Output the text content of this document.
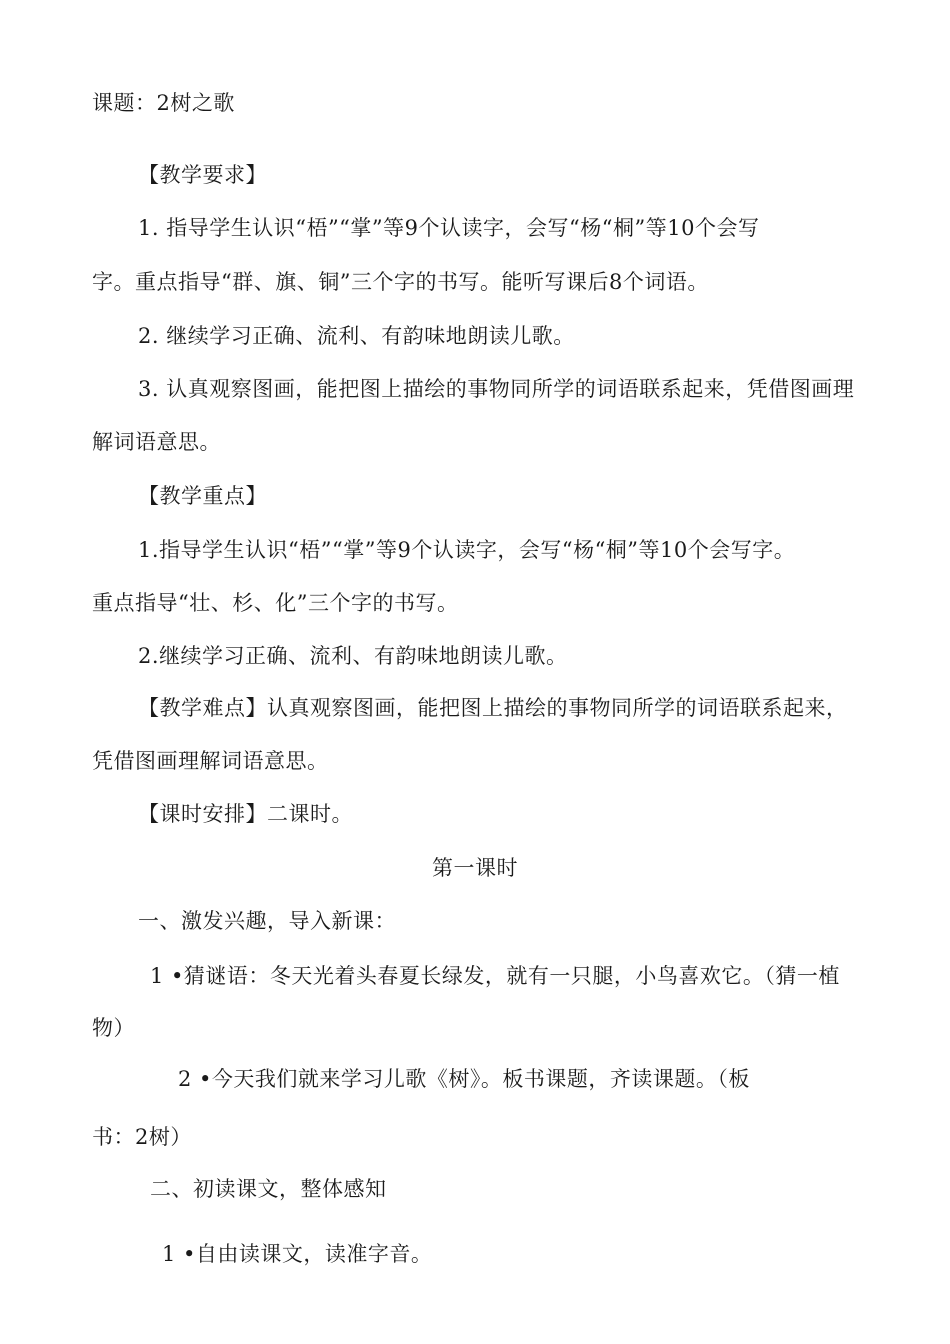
课题：2树之歌
【教学要求】
1. 指导学生认识“梧”“掌”等9个认读字，会写“杨“桐”等10个会写
字。重点指导“群、旗、铜”三个字的书写。能听写课后8个词语。
2. 继续学习正确、流利、有韵味地朗读儿歌。
3. 认真观察图画，能把图上描绘的事物同所学的词语联系起来，凭借图画理
解词语意思。
【教学重点】
1.指导学生认识“梧”“掌”等9个认读字，会写“杨“桐”等10个会写字。
重点指导“壮、杉、化”三个字的书写。
2.继续学习正确、流利、有韵味地朗读儿歌。
【教学难点】认真观察图画，能把图上描绘的事物同所学的词语联系起来，
凭借图画理解词语意思。
【课时安排】二课时。
第一课时
一、激发兴趣，导入新课：
1 •猜谜语：冬天光着头春夏长绿发，就有一只腿，小鸟喜欢它。（猜一植
物）
2 •今天我们就来学习儿歌《树》。板书课题，齐读课题。（板
书：2树）
二、初读课文，整体感知
1 •自由读课文，读准字音。
